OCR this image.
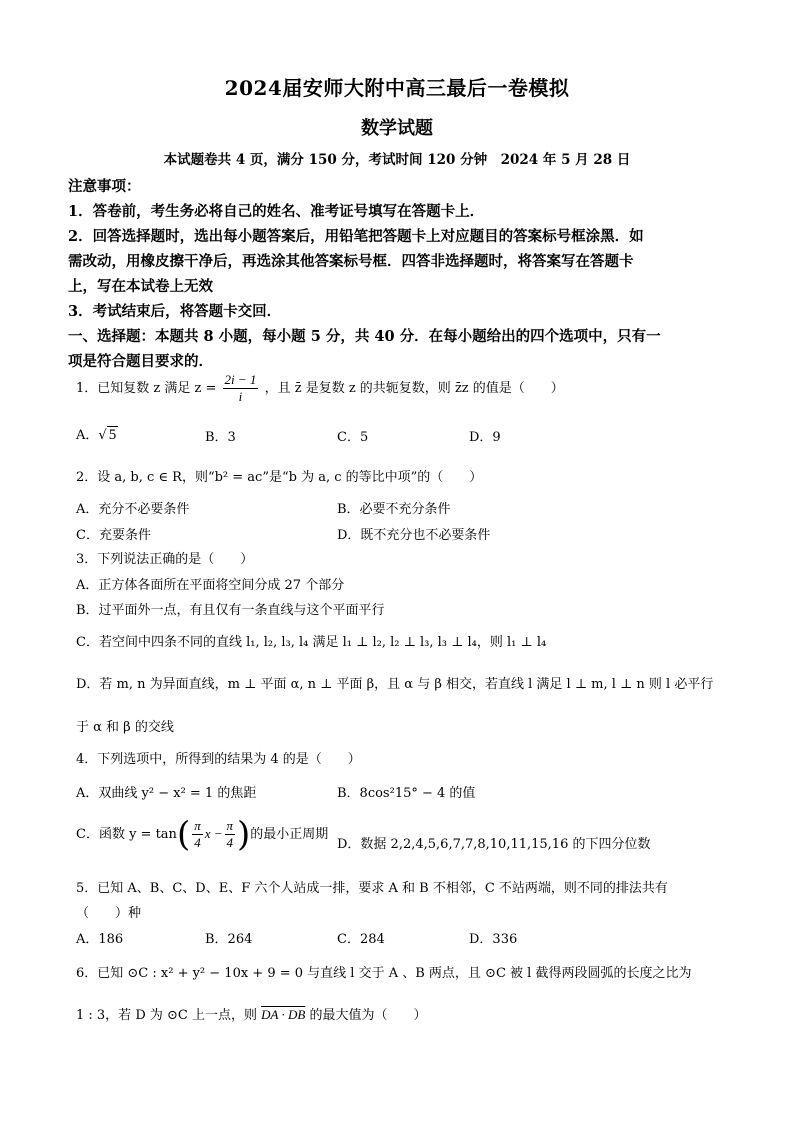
2024届安师大附中高三最后一卷模拟
数学试题
本试题卷共 4 页，满分 150 分，考试时间 120 分钟　2024 年 5 月 28 日
注意事项：
1．答卷前，考生务必将自己的姓名、准考证号填写在答题卡上．
2．回答选择题时，选出每小题答案后，用铅笔把答题卡上对应题目的答案标号框涂黑．如
需改动，用橡皮擦干净后，再选涂其他答案标号框．四答非选择题时，将答案写在答题卡
上，写在本试卷上无效
3．考试结束后，将答题卡交回．
一、选择题：本题共 8 小题，每小题 5 分，共 40 分．在每小题给出的四个选项中，只有一
项是符合题目要求的．
1．已知复数 z 满足 $z = \frac{2i - 1}{i}$ ，且 z̄ 是复数 z 的共轭复数，则 z̄z 的值是（　　）
A．√ 5	B．3	C．5	D．9
2．设 a, b, c ∈ R，则“b² = ac”是“b 为 a, c 的等比中项”的（　　）
A．充分不必要条件	B．必要不充分条件
C．充要条件	D．既不充分也不必要条件
3．下列说法正确的是（　　）
A．正方体各面所在平面将空间分成 27 个部分
B．过平面外一点，有且仅有一条直线与这个平面平行
C．若空间中四条不同的直线 l₁, l₂, l₃, l₄ 满足 l₁ ⊥ l₂, l₂ ⊥ l₃, l₃ ⊥ l₄，则 l₁ ⊥ l₄
D．若 m, n 为异面直线，m ⊥ 平面 α, n ⊥ 平面 β，且 α 与 β 相交，若直线 l 满足 l ⊥ m, l ⊥ n 则 l 必平行
于 α 和 β 的交线
4．下列选项中，所得到的结果为 4 的是（　　）
A．双曲线 y² − x² = 1 的焦距	B．8cos²15° − 4 的值
C．函数 $y = \tan( \frac{\pi}{4}$ $x - \frac{\pi}{4}$ )的最小正周期
D．数据 2,2,4,5,6,7,7,8,10,11,15,16 的下四分位数
5．已知 A、B、C、D、E、F 六个人站成一排，要求 A 和 B 不相邻，C 不站两端，则不同的排法共有
（　　）种
A．186	B．264	C．284	D．336
6．已知 ⊙C : x² + y² − 10x + 9 = 0 与直线 l 交于 A 、B 两点，且 ⊙C 被 l 截得两段圆弧的长度之比为
1 : 3，若 D 为 ⊙C 上一点，则 DA · DB 的最大值为（　　）
